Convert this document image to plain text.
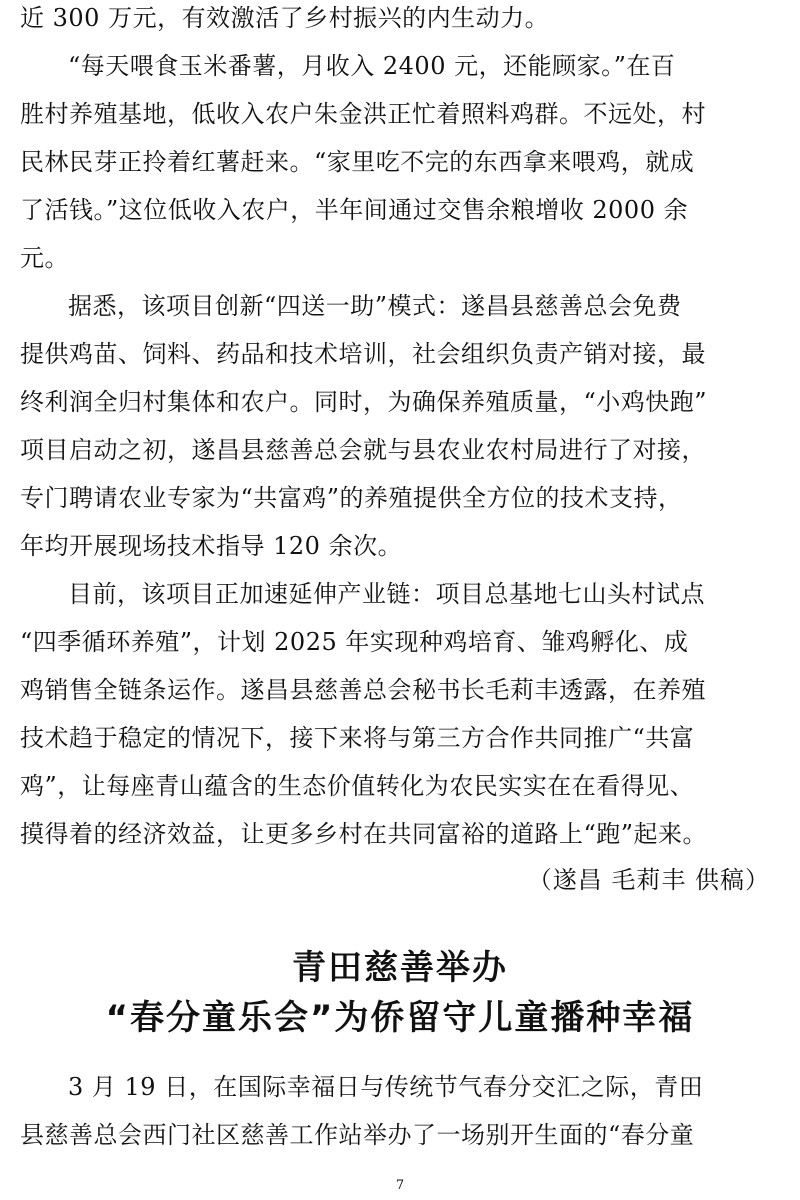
近 300 万元，有效激活了乡村振兴的内生动力。
“每天喂食玉米番薯，月收入 2400 元，还能顾家。”在百
胜村养殖基地，低收入农户朱金洪正忙着照料鸡群。不远处，村
民林民芽正拎着红薯赶来。“家里吃不完的东西拿来喂鸡，就成
了活钱。”这位低收入农户，半年间通过交售余粮增收 2000 余
元。
据悉，该项目创新“四送一助”模式：遂昌县慈善总会免费
提供鸡苗、饲料、药品和技术培训，社会组织负责产销对接，最
终利润全归村集体和农户。同时，为确保养殖质量，“小鸡快跑”
项目启动之初，遂昌县慈善总会就与县农业农村局进行了对接，
专门聘请农业专家为“共富鸡”的养殖提供全方位的技术支持，
年均开展现场技术指导 120 余次。
目前，该项目正加速延伸产业链：项目总基地七山头村试点
“四季循环养殖”，计划 2025 年实现种鸡培育、雏鸡孵化、成
鸡销售全链条运作。遂昌县慈善总会秘书长毛莉丰透露，在养殖
技术趋于稳定的情况下，接下来将与第三方合作共同推广“共富
鸡”，让每座青山蕴含的生态价值转化为农民实实在在看得见、
摸得着的经济效益，让更多乡村在共同富裕的道路上“跑”起来。
（遂昌 毛莉丰 供稿）
青田慈善举办
“春分童乐会”为侨留守儿童播种幸福
3 月 19 日，在国际幸福日与传统节气春分交汇之际，青田
县慈善总会西门社区慈善工作站举办了一场别开生面的“春分童
7
